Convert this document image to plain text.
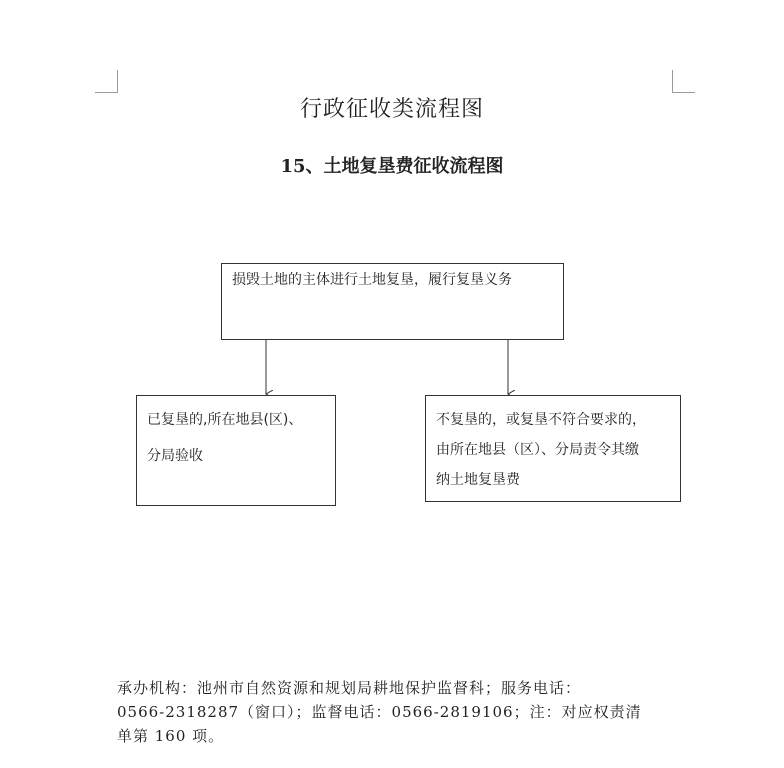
行政征收类流程图
15、土地复垦费征收流程图
损毁土地的主体进行土地复垦，履行复垦义务
已复垦的,所在地县(区)、
分局验收
不复垦的，或复垦不符合要求的，
由所在地县（区）、分局责令其缴
纳土地复垦费
承办机构：池州市自然资源和规划局耕地保护监督科；服务电话：
0566-2318287（窗口）；监督电话：0566-2819106；注：对应权责清
单第 160 项。
